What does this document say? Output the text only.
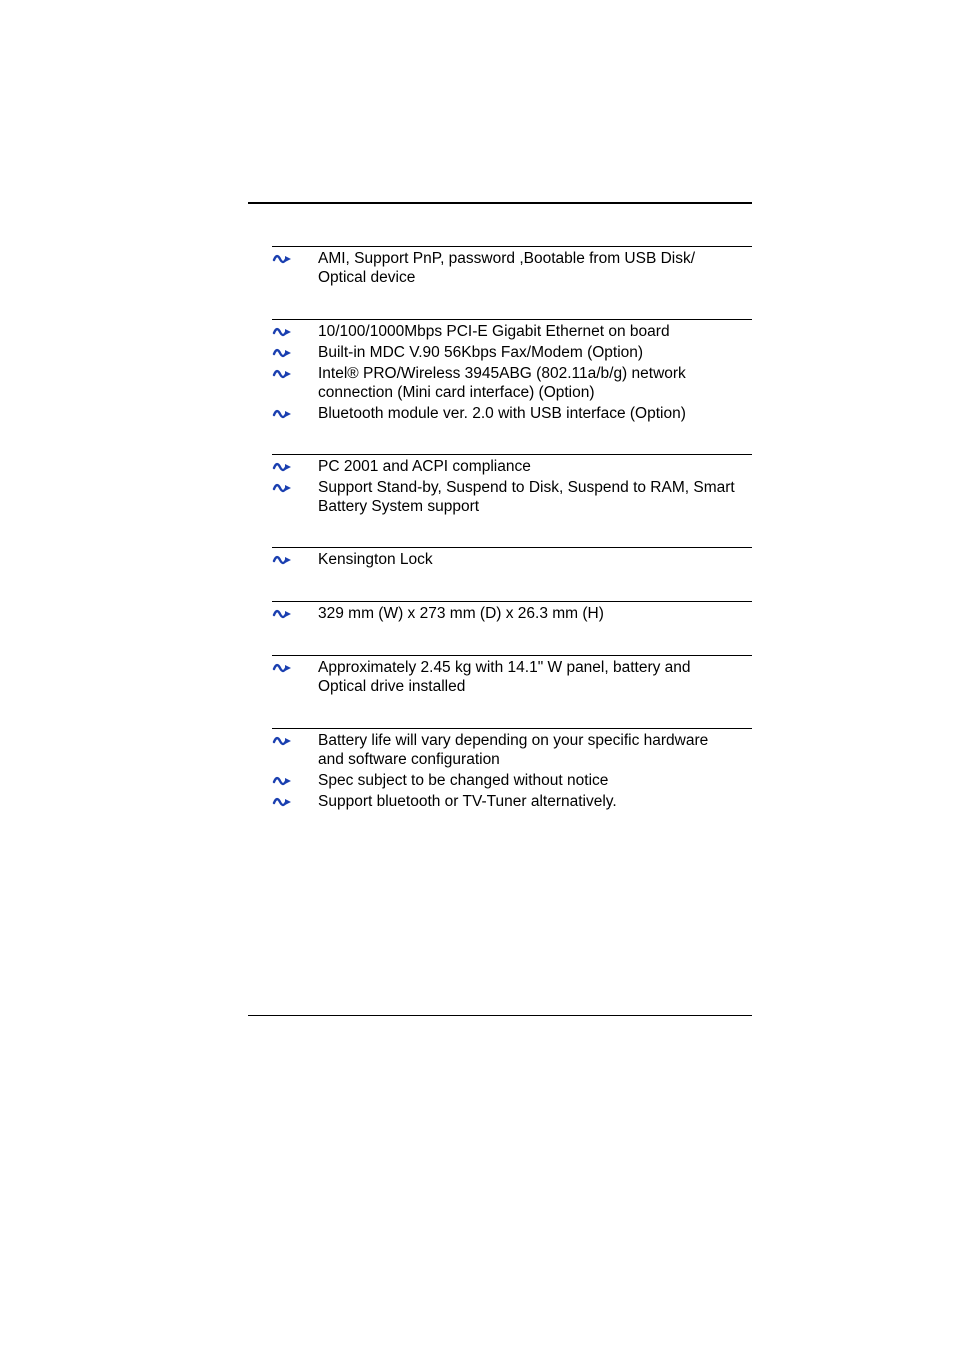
AMI, Support PnP, password ,Bootable from USB Disk/
Optical device
10/100/1000Mbps PCI-E Gigabit Ethernet on board
Built-in MDC V.90 56Kbps Fax/Modem (Option)
Intel® PRO/Wireless 3945ABG (802.11a/b/g) network
connection (Mini card interface) (Option)
Bluetooth module ver. 2.0 with USB interface (Option)
PC 2001 and ACPI compliance
Support Stand-by, Suspend to Disk, Suspend to RAM, Smart
Battery System support
Kensington Lock
329 mm (W) x 273 mm (D) x 26.3 mm (H)
Approximately 2.45 kg with 14.1" W panel, battery and
Optical drive installed
Battery life will vary depending on your specific hardware
and software configuration
Spec subject to be changed without notice
Support bluetooth or TV-Tuner alternatively.
